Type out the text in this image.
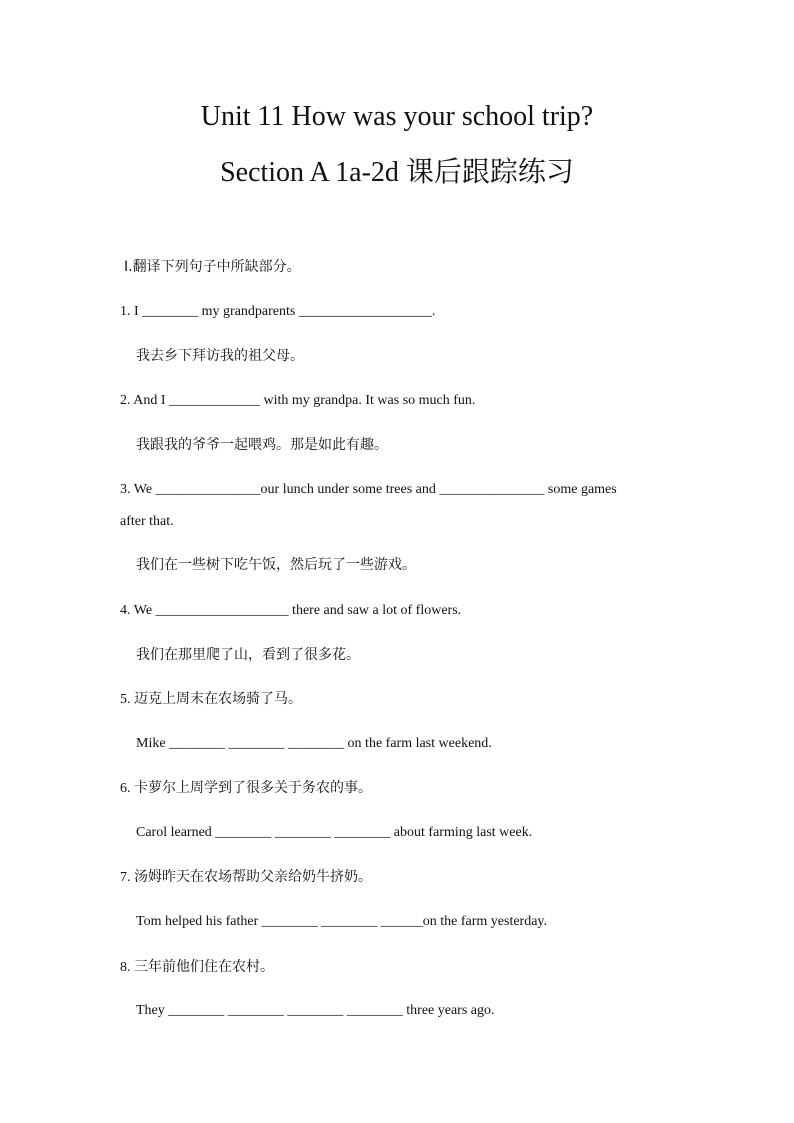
Unit 11 How was your school trip?
Section A 1a-2d 课后跟踪练习
Ⅰ.翻译下列句子中所缺部分。
1. I ________ my grandparents ___________________.
我去乡下拜访我的祖父母。
2. And I _____________ with my grandpa. It was so much fun.
我跟我的爷爷一起喂鸡。那是如此有趣。
3. We _______________our lunch under some trees and _______________ some games
after that.
我们在一些树下吃午饭，然后玩了一些游戏。
4. We ___________________ there and saw a lot of flowers.
我们在那里爬了山，看到了很多花。
5. 迈克上周末在农场骑了马。
Mike ________ ________ ________ on the farm last weekend.
6. 卡萝尔上周学到了很多关于务农的事。
Carol learned ________ ________ ________ about farming last week.
7. 汤姆昨天在农场帮助父亲给奶牛挤奶。
Tom helped his father ________ ________ ______on the farm yesterday.
8. 三年前他们住在农村。
They ________ ________ ________ ________ three years ago.
